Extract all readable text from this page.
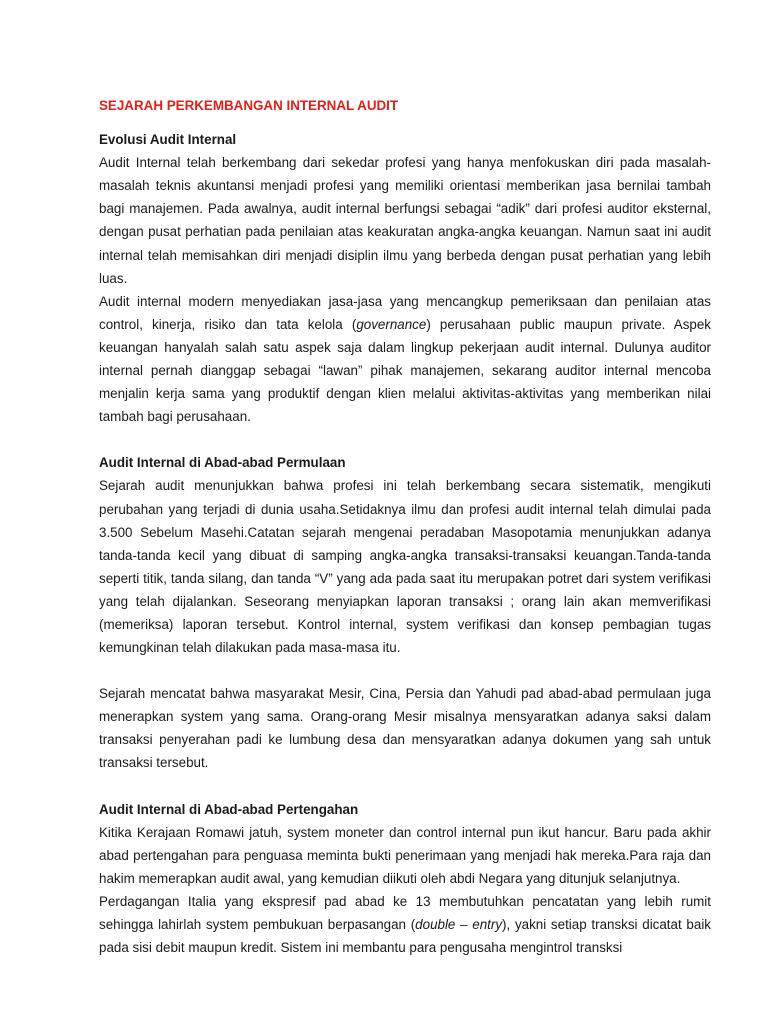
SEJARAH PERKEMBANGAN INTERNAL AUDIT
Evolusi Audit Internal

Audit Internal telah berkembang dari sekedar profesi yang hanya menfokuskan diri pada masalah-masalah teknis akuntansi menjadi profesi yang memiliki orientasi memberikan jasa bernilai tambah bagi manajemen. Pada awalnya, audit internal berfungsi sebagai “adik” dari profesi auditor eksternal, dengan pusat perhatian pada penilaian atas keakuratan angka-angka keuangan. Namun saat ini audit internal telah memisahkan diri menjadi disiplin ilmu yang berbeda dengan pusat perhatian yang lebih luas.

Audit internal modern menyediakan jasa-jasa yang mencangkup pemeriksaan dan penilaian atas control, kinerja, risiko dan tata kelola (governance) perusahaan public maupun private. Aspek keuangan hanyalah salah satu aspek saja dalam lingkup pekerjaan audit internal. Dulunya auditor internal pernah dianggap sebagai “lawan” pihak manajemen, sekarang auditor internal mencoba menjalin kerja sama yang produktif dengan klien melalui aktivitas-aktivitas yang memberikan nilai tambah bagi perusahaan.

Audit Internal di Abad-abad Permulaan

Sejarah audit menunjukkan bahwa profesi ini telah berkembang secara sistematik, mengikuti perubahan yang terjadi di dunia usaha.Setidaknya ilmu dan profesi audit internal telah dimulai pada 3.500 Sebelum Masehi.Catatan sejarah mengenai peradaban Masopotamia menunjukkan adanya tanda-tanda kecil yang dibuat di samping angka-angka transaksi-transaksi keuangan.Tanda-tanda seperti titik, tanda silang, dan tanda “V” yang ada pada saat itu merupakan potret dari system verifikasi yang telah dijalankan. Seseorang menyiapkan laporan transaksi ; orang lain akan memverifikasi (memeriksa) laporan tersebut. Kontrol internal, system verifikasi dan konsep pembagian tugas kemungkinan telah dilakukan pada masa-masa itu.

Sejarah mencatat bahwa masyarakat Mesir, Cina, Persia dan Yahudi pad abad-abad permulaan juga menerapkan system yang sama. Orang-orang Mesir misalnya mensyaratkan adanya saksi dalam transaksi penyerahan padi ke lumbung desa dan mensyaratkan adanya dokumen yang sah untuk transaksi tersebut.

Audit Internal di Abad-abad Pertengahan

Kitika Kerajaan Romawi jatuh, system moneter dan control internal pun ikut hancur. Baru pada akhir abad pertengahan para penguasa meminta bukti penerimaan yang menjadi hak mereka.Para raja dan hakim memerapkan audit awal, yang kemudian diikuti oleh abdi Negara yang ditunjuk selanjutnya.

Perdagangan Italia yang ekspresif pad abad ke 13 membutuhkan pencatatan yang lebih rumit sehingga lahirlah system pembukuan berpasangan (double – entry), yakni setiap transksi dicatat baik pada sisi debit maupun kredit. Sistem ini membantu para pengusaha mengintrol transksi
